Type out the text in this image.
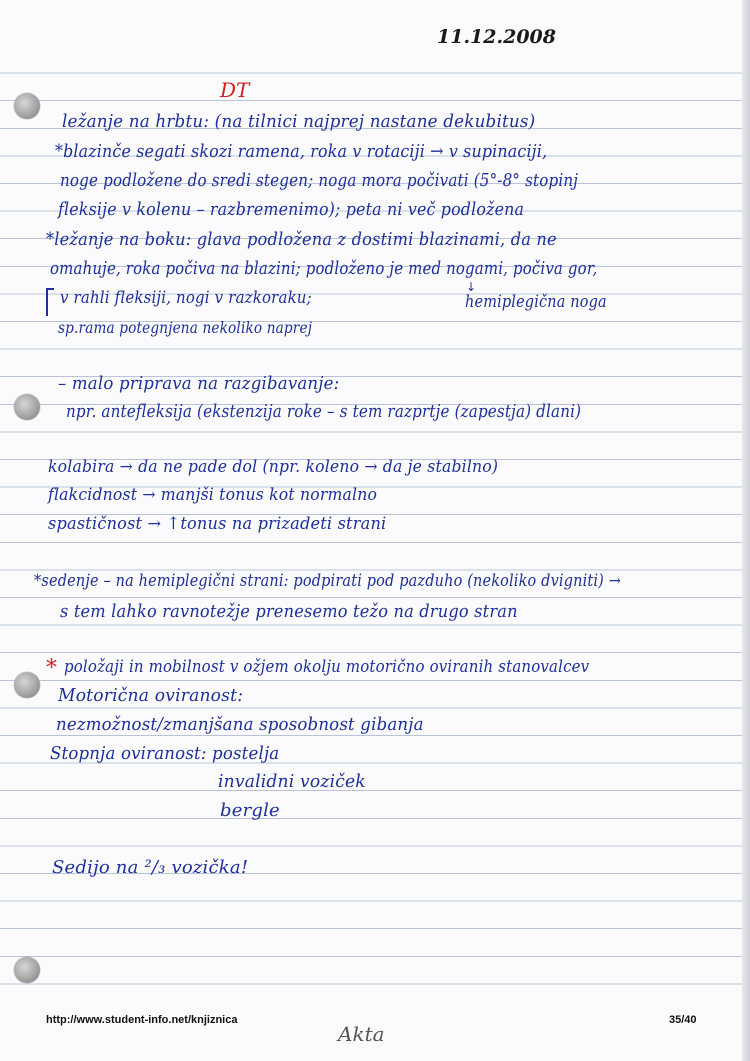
11.12.2008
DT
ležanje na hrbtu: (na tilnici najprej nastane dekubitus)
*blazinče segati skozi ramena, roka v rotaciji → v supinaciji,
noge podložene do sredi stegen; noga mora počivati (5°-8° stopinj
fleksije v kolenu – razbremenimo); peta ni več podložena
*ležanje na boku: glava podložena z dostimi blazinami, da ne
omahuje, roka počiva na blazini; podloženo je med nogami, počiva gor,
v rahli fleksiji, nogi v razkoraku;
↓
hemiplegična noga
sp.rama potegnjena nekoliko naprej
– malo priprava na razgibavanje:
npr. antefleksija (ekstenzija roke – s tem razprtje (zapestja) dlani)
kolabira → da ne pade dol (npr. koleno → da je stabilno)
flakcidnost → manjši tonus kot normalno
spastičnost → ↑tonus na prizadeti strani
*sedenje – na hemiplegični strani: podpirati pod pazduho (nekoliko dvigniti) →
s tem lahko ravnotežje prenesemo težo na drugo stran
* položaji in mobilnost v ožjem okolju motorično oviranih stanovalcev
Motorična oviranost:
nezmožnost/zmanjšana sposobnost gibanja
Stopnja oviranost: postelja
invalidni voziček
bergle
Sedijo na ²/₃ vozička!
http://www.student-info.net/knjiznica
Akta
35/40
